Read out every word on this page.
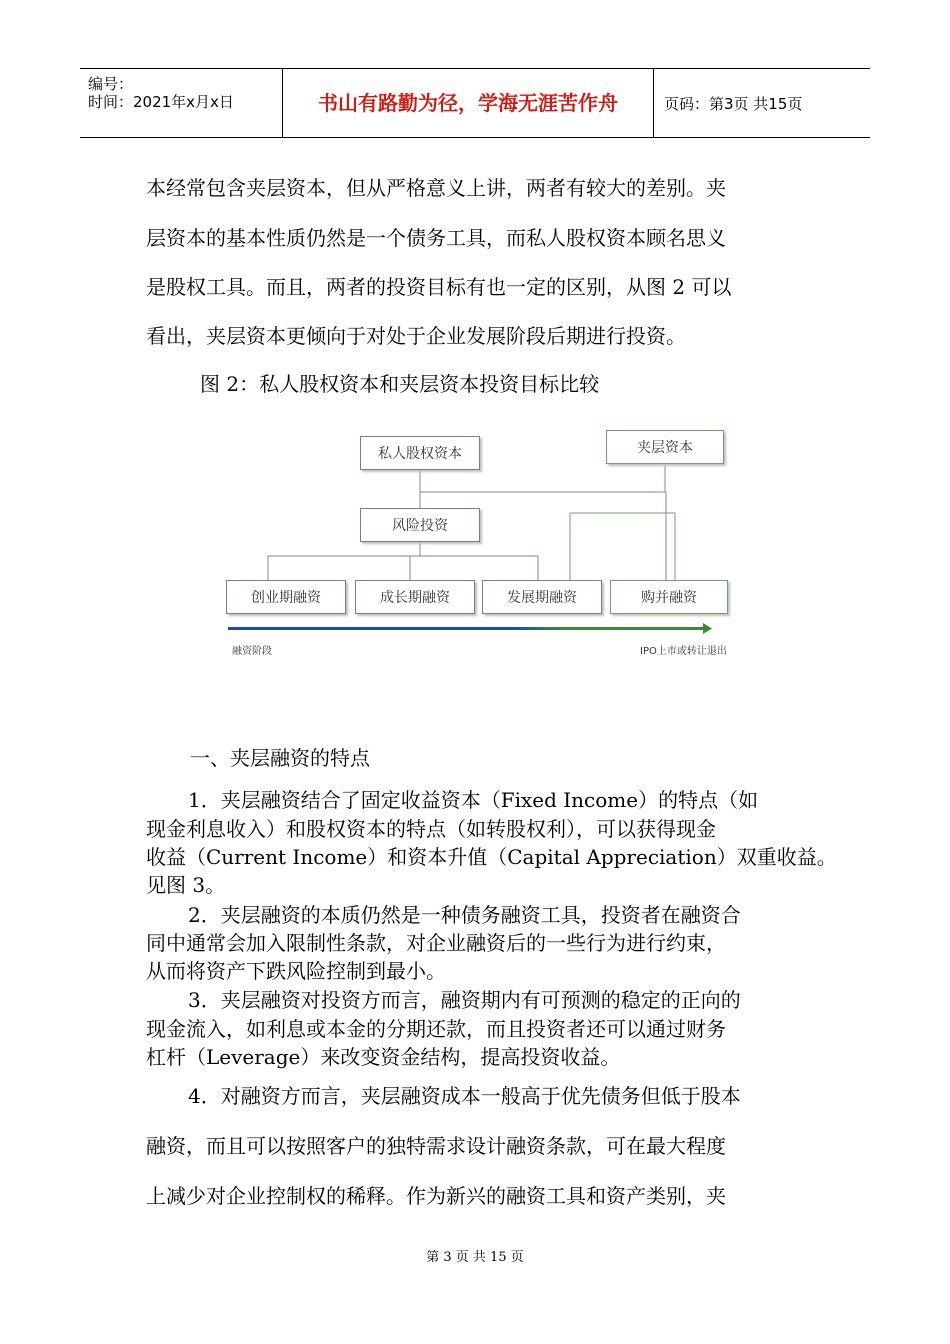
编号：
时间：2021年x月x日	书山有路勤为径，学海无涯苦作舟	页码：第3页 共15页
本经常包含夹层资本，但从严格意义上讲，两者有较大的差别。夹
层资本的基本性质仍然是一个债务工具，而私人股权资本顾名思义
是股权工具。而且，两者的投资目标有也一定的区别，从图 2 可以
看出，夹层资本更倾向于对处于企业发展阶段后期进行投资。
图 2：私人股权资本和夹层资本投资目标比较
私人股权资本	夹层资本
风险投资
创业期融资	成长期融资	发展期融资	购并融资
融资阶段	IPO上市或转让退出
一、夹层融资的特点
1．夹层融资结合了固定收益资本（Fixed Income）的特点（如
现金利息收入）和股权资本的特点（如转股权利），可以获得现金
收益（Current Income）和资本升值（Capital Appreciation）双重收益。
见图 3。
2．夹层融资的本质仍然是一种债务融资工具，投资者在融资合
同中通常会加入限制性条款，对企业融资后的一些行为进行约束，
从而将资产下跌风险控制到最小。
3．夹层融资对投资方而言，融资期内有可预测的稳定的正向的
现金流入，如利息或本金的分期还款，而且投资者还可以通过财务
杠杆（Leverage）来改变资金结构，提高投资收益。
4．对融资方而言，夹层融资成本一般高于优先债务但低于股本
融资，而且可以按照客户的独特需求设计融资条款，可在最大程度
上减少对企业控制权的稀释。作为新兴的融资工具和资产类别，夹
第 3 页 共 15 页
